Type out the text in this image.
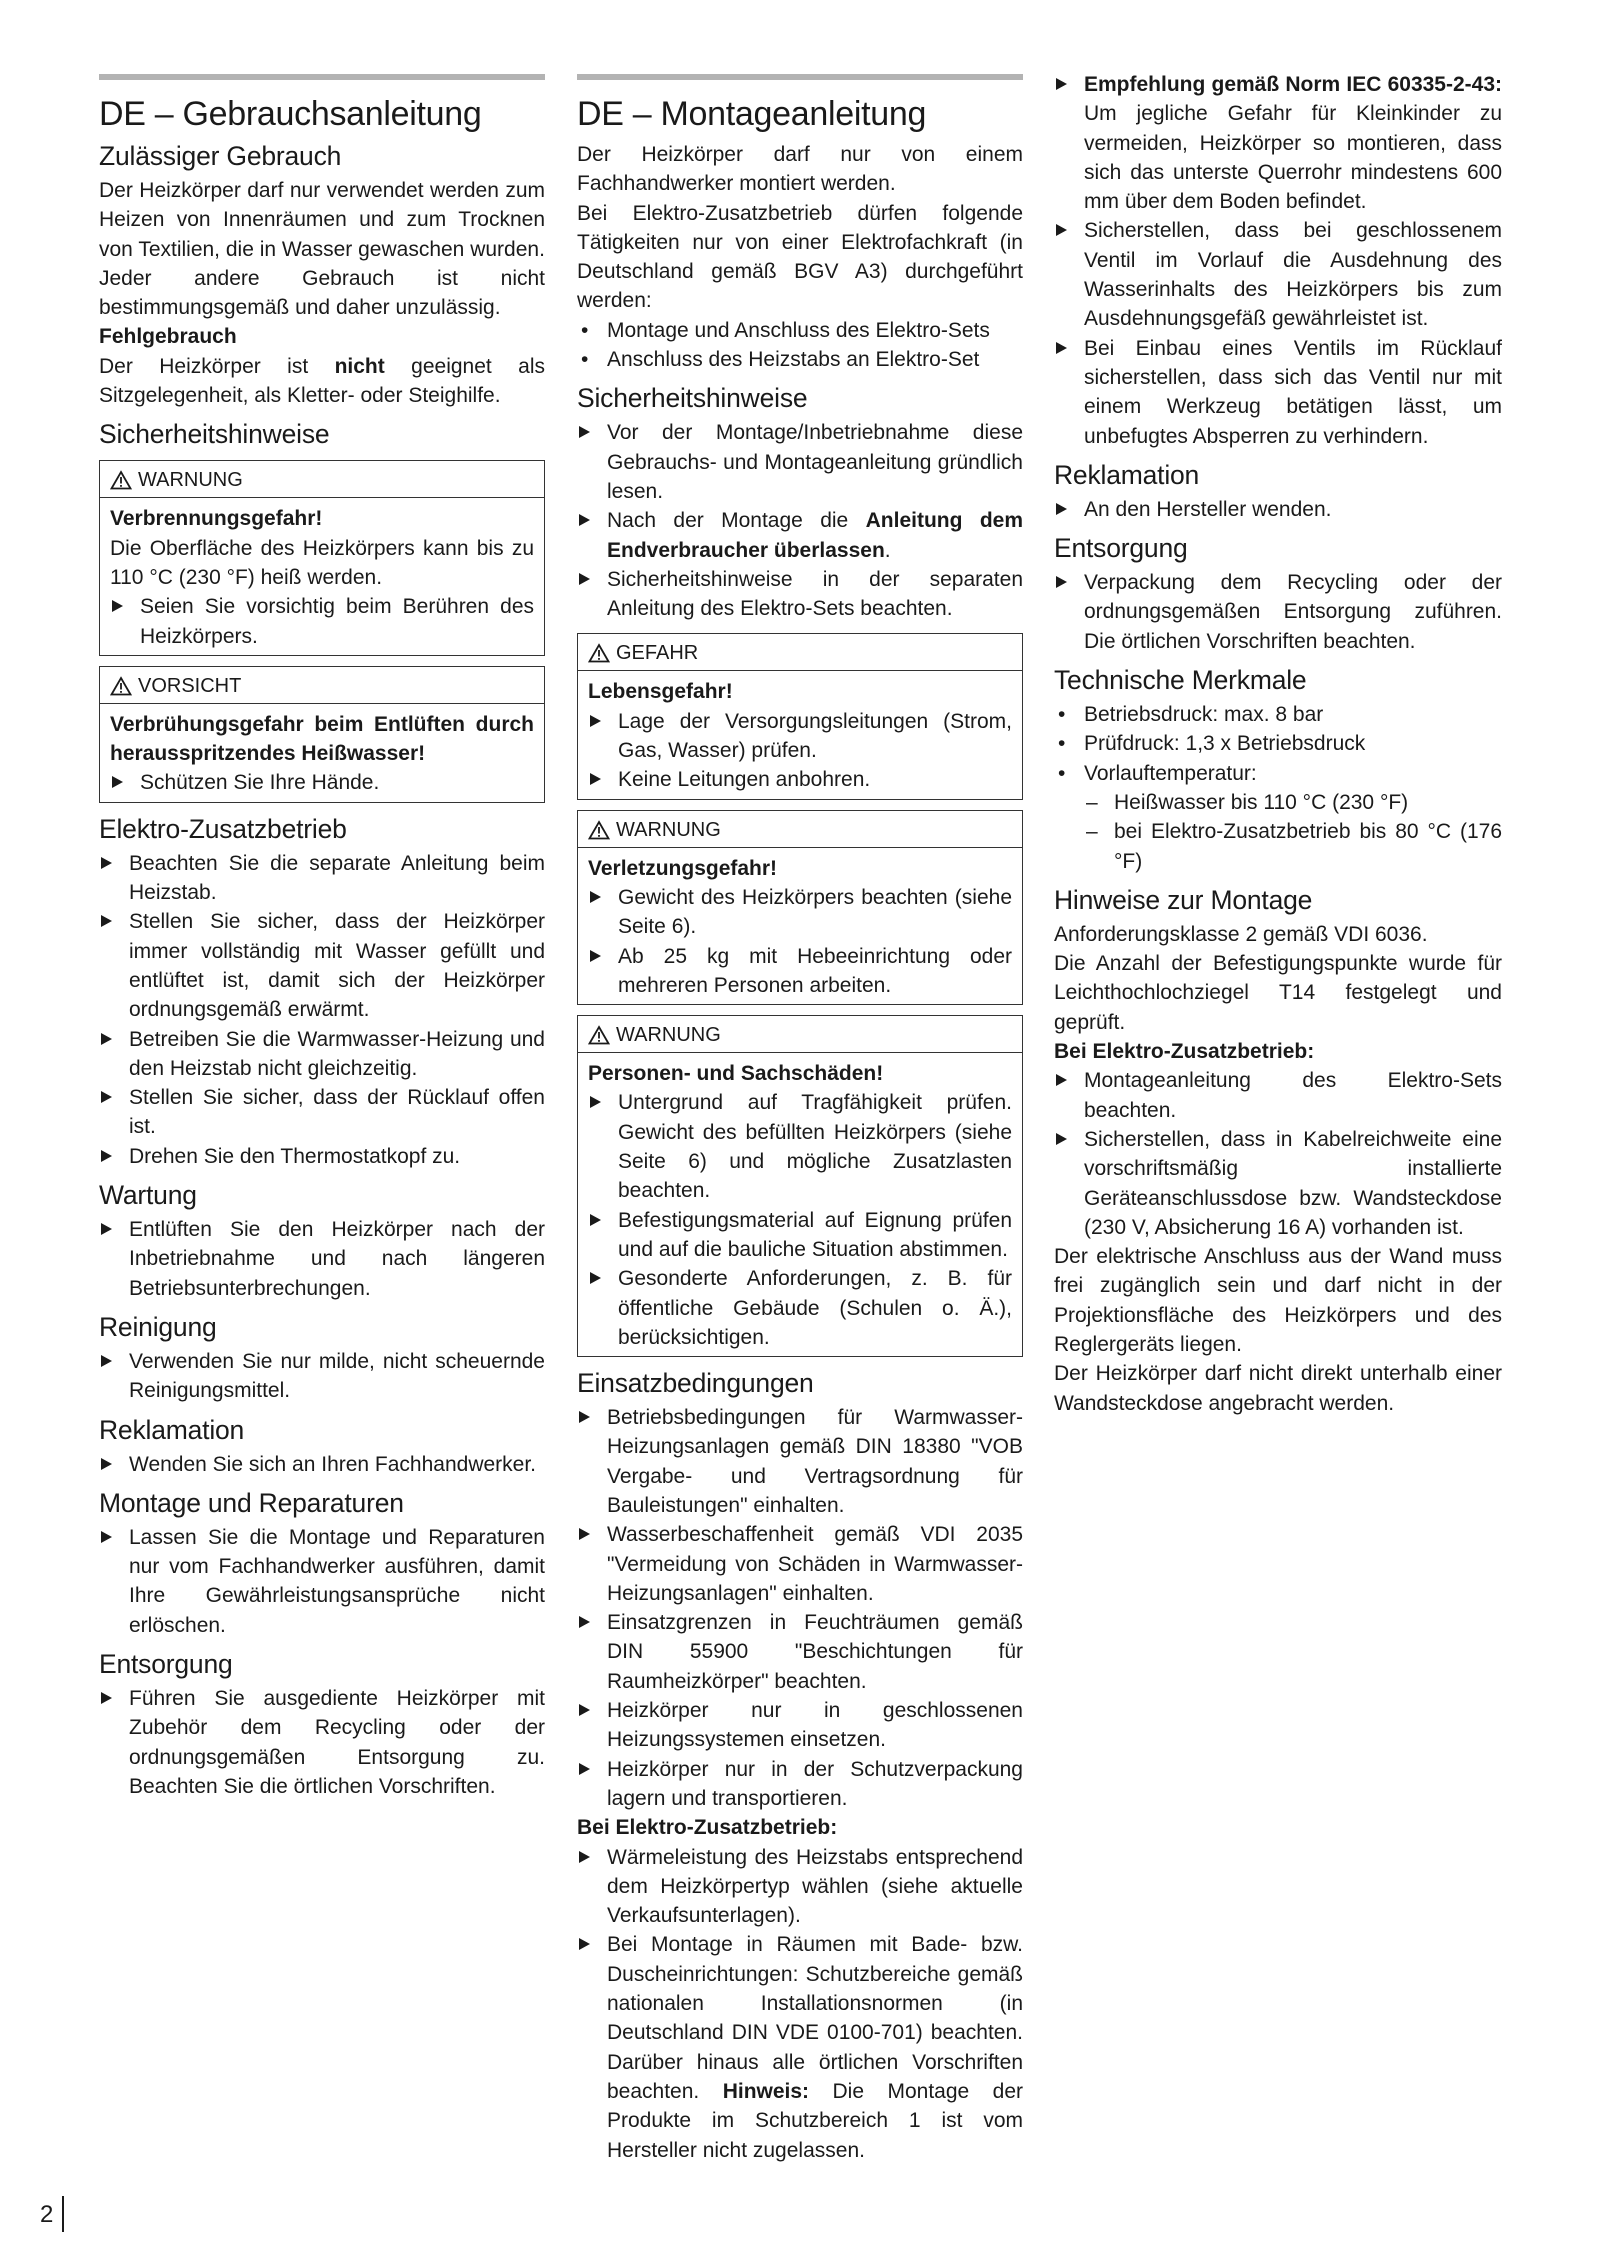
DE – Gebrauchsanleitung
Zulässiger Gebrauch

Der Heizkörper darf nur verwendet werden zum Heizen von Innenräumen und zum Trocknen von Textilien, die in Wasser gewaschen wurden.

Jeder andere Gebrauch ist nicht bestimmungsgemäß und daher unzulässig.

Fehlgebrauch

Der Heizkörper ist nicht geeignet als Sitzgelegenheit, als Kletter- oder Steighilfe.

Sicherheitshinweise
WARNUNG

Verbrennungsgefahr!

Die Oberfläche des Heizkörpers kann bis zu 110 °C (230 °F) heiß werden.

Seien Sie vorsichtig beim Berühren des Heizkörpers.
VORSICHT

Verbrühungsgefahr beim Entlüften durch herausspritzendes Heißwasser!

Schützen Sie Ihre Hände.
Elektro-Zusatzbetrieb
Beachten Sie die separate Anleitung beim Heizstab.
Stellen Sie sicher, dass der Heizkörper immer vollständig mit Wasser gefüllt und entlüftet ist, damit sich der Heizkörper ordnungsgemäß erwärmt.
Betreiben Sie die Warmwasser-Heizung und den Heizstab nicht gleichzeitig.
Stellen Sie sicher, dass der Rücklauf offen ist.
Drehen Sie den Thermostatkopf zu.
Wartung
Entlüften Sie den Heizkörper nach der Inbetriebnahme und nach längeren Betriebsunterbrechungen.
Reinigung
Verwenden Sie nur milde, nicht scheuernde Reinigungsmittel.
Reklamation
Wenden Sie sich an Ihren Fachhandwerker.
Montage und Reparaturen
Lassen Sie die Montage und Reparaturen nur vom Fachhandwerker ausführen, damit Ihre Gewährleistungsansprüche nicht erlöschen.
Entsorgung
Führen Sie ausgediente Heizkörper mit Zubehör dem Recycling oder der ordnungsgemäßen Entsorgung zu. Beachten Sie die örtlichen Vorschriften.
DE – Montageanleitung

Der Heizkörper darf nur von einem Fachhandwerker montiert werden.

Bei Elektro-Zusatzbetrieb dürfen folgende Tätigkeiten nur von einer Elektrofachkraft (in Deutschland gemäß BGV A3) durchgeführt werden:

• Montage und Anschluss des Elektro-Sets
• Anschluss des Heizstabs an Elektro-Set
Sicherheitshinweise
Vor der Montage/Inbetriebnahme diese Gebrauchs- und Montageanleitung gründlich lesen.
Nach der Montage die Anleitung dem Endverbraucher überlassen.
Sicherheitshinweise in der separaten Anleitung des Elektro-Sets beachten.
GEFAHR

Lebensgefahr!

Lage der Versorgungsleitungen (Strom, Gas, Wasser) prüfen.
Keine Leitungen anbohren.
WARNUNG

Verletzungsgefahr!

Gewicht des Heizkörpers beachten (siehe Seite 6).
Ab 25 kg mit Hebeeinrichtung oder mehreren Personen arbeiten.
WARNUNG

Personen- und Sachschäden!

Untergrund auf Tragfähigkeit prüfen. Gewicht des befüllten Heizkörpers (siehe Seite 6) und mögliche Zusatzlasten beachten.
Befestigungsmaterial auf Eignung prüfen und auf die bauliche Situation abstimmen.
Gesonderte Anforderungen, z. B. für öffentliche Gebäude (Schulen o. Ä.), berücksichtigen.
Einsatzbedingungen
Betriebsbedingungen für Warmwasser-Heizungsanlagen gemäß DIN 18380 "VOB Vergabe- und Vertragsordnung für Bauleistungen" einhalten.
Wasserbeschaffenheit gemäß VDI 2035 "Vermeidung von Schäden in Warmwasser-Heizungsanlagen" einhalten.
Einsatzgrenzen in Feuchträumen gemäß DIN 55900 "Beschichtungen für Raumheizkörper" beachten.
Heizkörper nur in geschlossenen Heizungssystemen einsetzen.
Heizkörper nur in der Schutzverpackung lagern und transportieren.

Bei Elektro-Zusatzbetrieb:

Wärmeleistung des Heizstabs entsprechend dem Heizkörpertyp wählen (siehe aktuelle Verkaufsunterlagen).
Bei Montage in Räumen mit Bade- bzw. Duscheinrichtungen: Schutzbereiche gemäß nationalen Installationsnormen (in Deutschland DIN VDE 0100-701) beachten. Darüber hinaus alle örtlichen Vorschriften beachten. Hinweis: Die Montage der Produkte im Schutzbereich 1 ist vom Hersteller nicht zugelassen.
Empfehlung gemäß Norm IEC 60335-2-43: Um jegliche Gefahr für Kleinkinder zu vermeiden, Heizkörper so montieren, dass sich das unterste Querrohr mindestens 600 mm über dem Boden befindet.
Sicherstellen, dass bei geschlossenem Ventil im Vorlauf die Ausdehnung des Wasserinhalts des Heizkörpers bis zum Ausdehnungsgefäß gewährleistet ist.
Bei Einbau eines Ventils im Rücklauf sicherstellen, dass sich das Ventil nur mit einem Werkzeug betätigen lässt, um unbefugtes Absperren zu verhindern.
Reklamation
An den Hersteller wenden.
Entsorgung
Verpackung dem Recycling oder der ordnungsgemäßen Entsorgung zuführen. Die örtlichen Vorschriften beachten.
Technische Merkmale
• Betriebsdruck: max. 8 bar
• Prüfdruck: 1,3 x Betriebsdruck
• Vorlauftemperatur:
– Heißwasser bis 110 °C (230 °F)
– bei Elektro-Zusatzbetrieb bis 80 °C (176 °F)
Hinweise zur Montage

Anforderungsklasse 2 gemäß VDI 6036.

Die Anzahl der Befestigungspunkte wurde für Leichthochlochziegel T14 festgelegt und geprüft.

Bei Elektro-Zusatzbetrieb:

Montageanleitung des Elektro-Sets beachten.
Sicherstellen, dass in Kabelreichweite eine vorschriftsmäßig installierte Geräteanschlussdose bzw. Wandsteckdose (230 V, Absicherung 16 A) vorhanden ist.

Der elektrische Anschluss aus der Wand muss frei zugänglich sein und darf nicht in der Projektionsfläche des Heizkörpers und des Reglergeräts liegen.

Der Heizkörper darf nicht direkt unterhalb einer Wandsteckdose angebracht werden.

2
